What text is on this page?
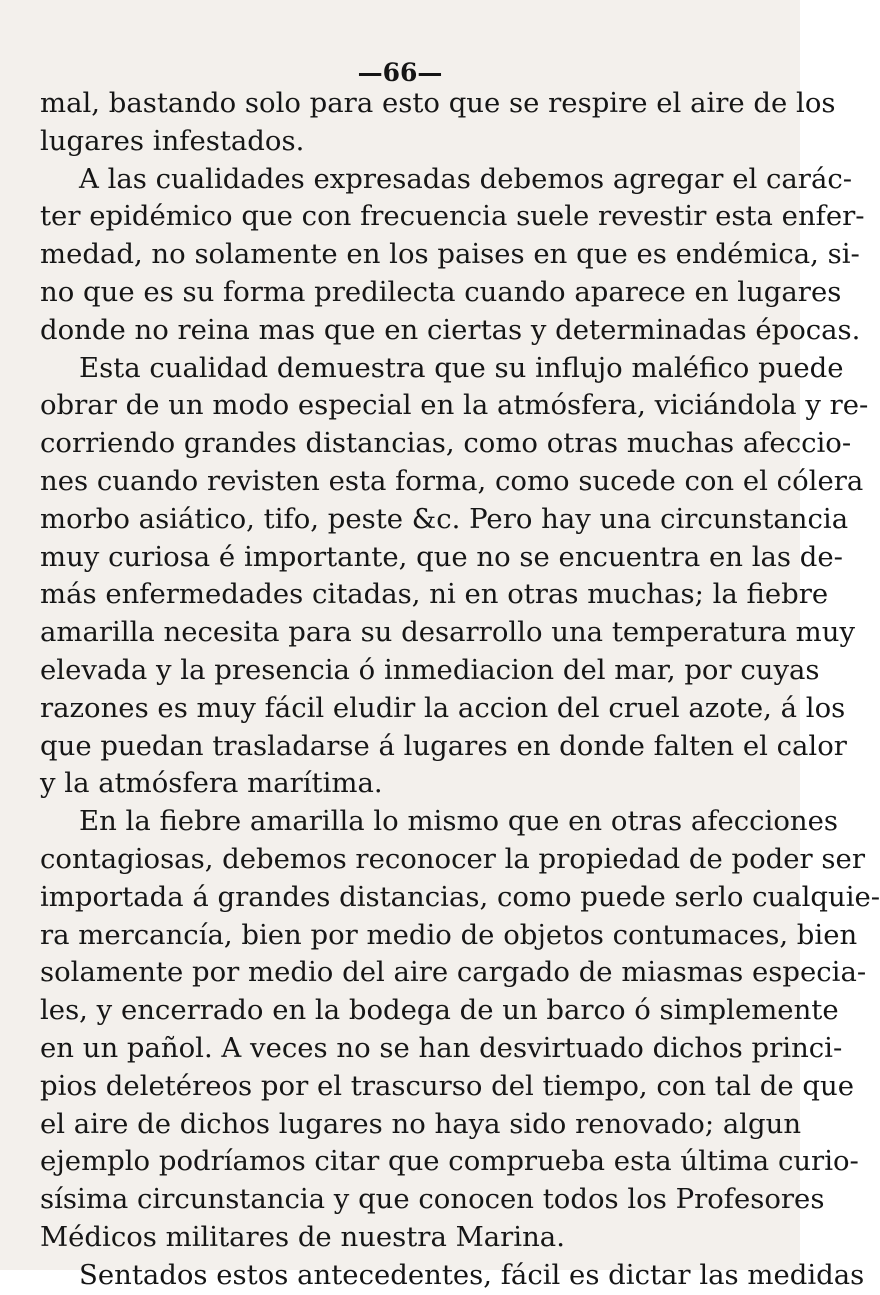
—66—

mal, bastando solo para esto que se respire el aire de los
lugares infestados.
A las cualidades expresadas debemos agregar el carác-
ter epidémico que con frecuencia suele revestir esta enfer-
medad, no solamente en los paises en que es endémica, si-
no que es su forma predilecta cuando aparece en lugares
donde no reina mas que en ciertas y determinadas épocas.
Esta cualidad demuestra que su influjo maléfico puede
obrar de un modo especial en la atmósfera, viciándola y re-
corriendo grandes distancias, como otras muchas afeccio-
nes cuando revisten esta forma, como sucede con el cólera
morbo asiático, tifo, peste &c. Pero hay una circunstancia
muy curiosa é importante, que no se encuentra en las de-
más enfermedades citadas, ni en otras muchas; la fiebre
amarilla necesita para su desarrollo una temperatura muy
elevada y la presencia ó inmediacion del mar, por cuyas
razones es muy fácil eludir la accion del cruel azote, á los
que puedan trasladarse á lugares en donde falten el calor
y la atmósfera marítima.
En la fiebre amarilla lo mismo que en otras afecciones
contagiosas, debemos reconocer la propiedad de poder ser
importada á grandes distancias, como puede serlo cualquie-
ra mercancía, bien por medio de objetos contumaces, bien
solamente por medio del aire cargado de miasmas especia-
les, y encerrado en la bodega de un barco ó simplemente
en un pañol. A veces no se han desvirtuado dichos princi-
pios deletéreos por el trascurso del tiempo, con tal de que
el aire de dichos lugares no haya sido renovado; algun
ejemplo podríamos citar que comprueba esta última curio-
sísima circunstancia y que conocen todos los Profesores
Médicos militares de nuestra Marina.
Sentados estos antecedentes, fácil es dictar las medidas
